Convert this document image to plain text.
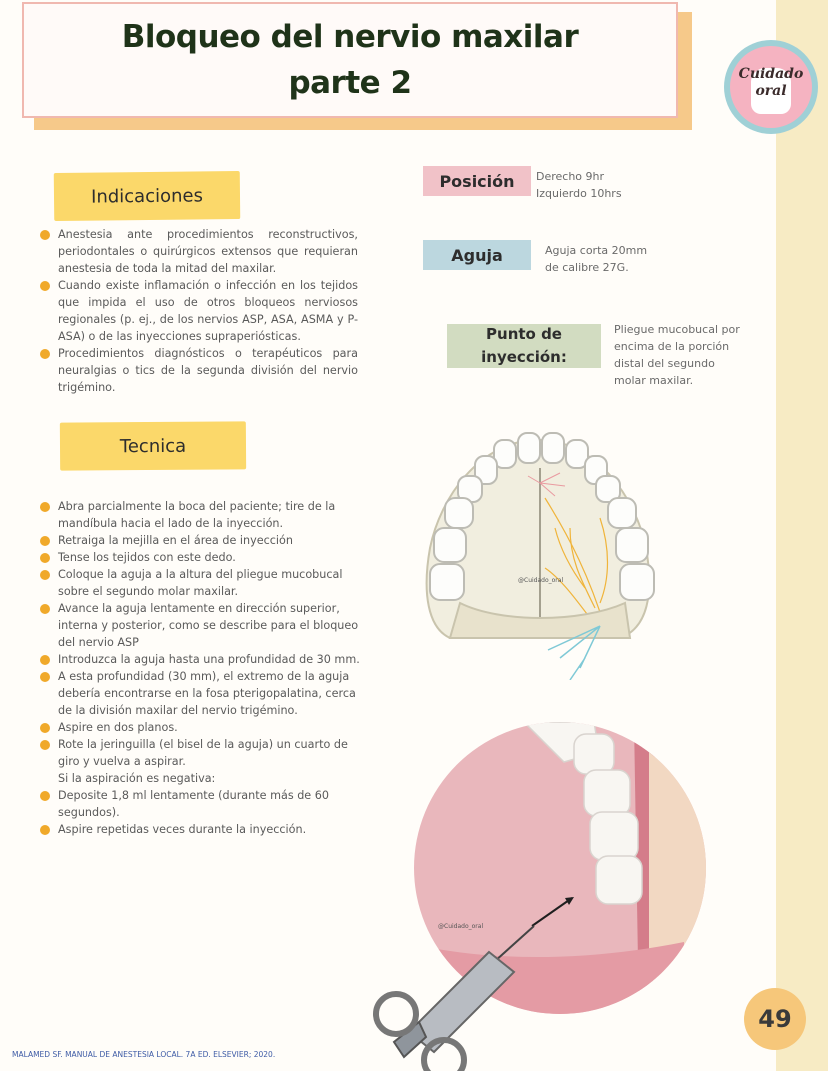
Bloqueo del nervio maxilar
parte 2	Cuidado
oral
Indicaciones
Anestesia ante procedimientos reconstructivos, periodontales o quirúrgicos extensos que requieran anestesia de toda la mitad del maxilar.
Cuando existe inflamación o infección en los tejidos que impida el uso de otros bloqueos nerviosos regionales (p. ej., de los nervios ASP, ASA, ASMA y P-ASA) o de las inyecciones supraperiósticas.
Procedimientos diagnósticos o terapéuticos para neuralgias o tics de la segunda división del nervio trigémino.
Posición	Derecho 9hr
Izquierdo 10hrs
Aguja	Aguja corta 20mm
de calibre 27G.
Punto de
inyección:
Pliegue mucobucal por
encima de la porción
distal del segundo
molar maxilar.
Tecnica
Abra parcialmente la boca del paciente; tire de la mandíbula hacia el lado de la inyección.
Retraiga la mejilla en el área de inyección
Tense los tejidos con este dedo.
Coloque la aguja a la altura del pliegue mucobucal sobre el segundo molar maxilar.
Avance la aguja lentamente en dirección superior, interna y posterior, como se describe para el bloqueo del nervio ASP
Introduzca la aguja hasta una profundidad de 30 mm.
A esta profundidad (30 mm), el extremo de la aguja debería encontrarse en la fosa pterigopalatina, cerca de la división maxilar del nervio trigémino.
Aspire en dos planos.
Rote la jeringuilla (el bisel de la aguja) un cuarto de giro y vuelva a aspirar.
Si la aspiración es negativa:
Deposite 1,8 ml lentamente (durante más de 60 segundos).
Aspire repetidas veces durante la inyección.
@Cuidado_oral
@Cuidado_oral
MALAMED SF. MANUAL DE ANESTESIA LOCAL. 7A ED. ELSEVIER; 2020.
49
